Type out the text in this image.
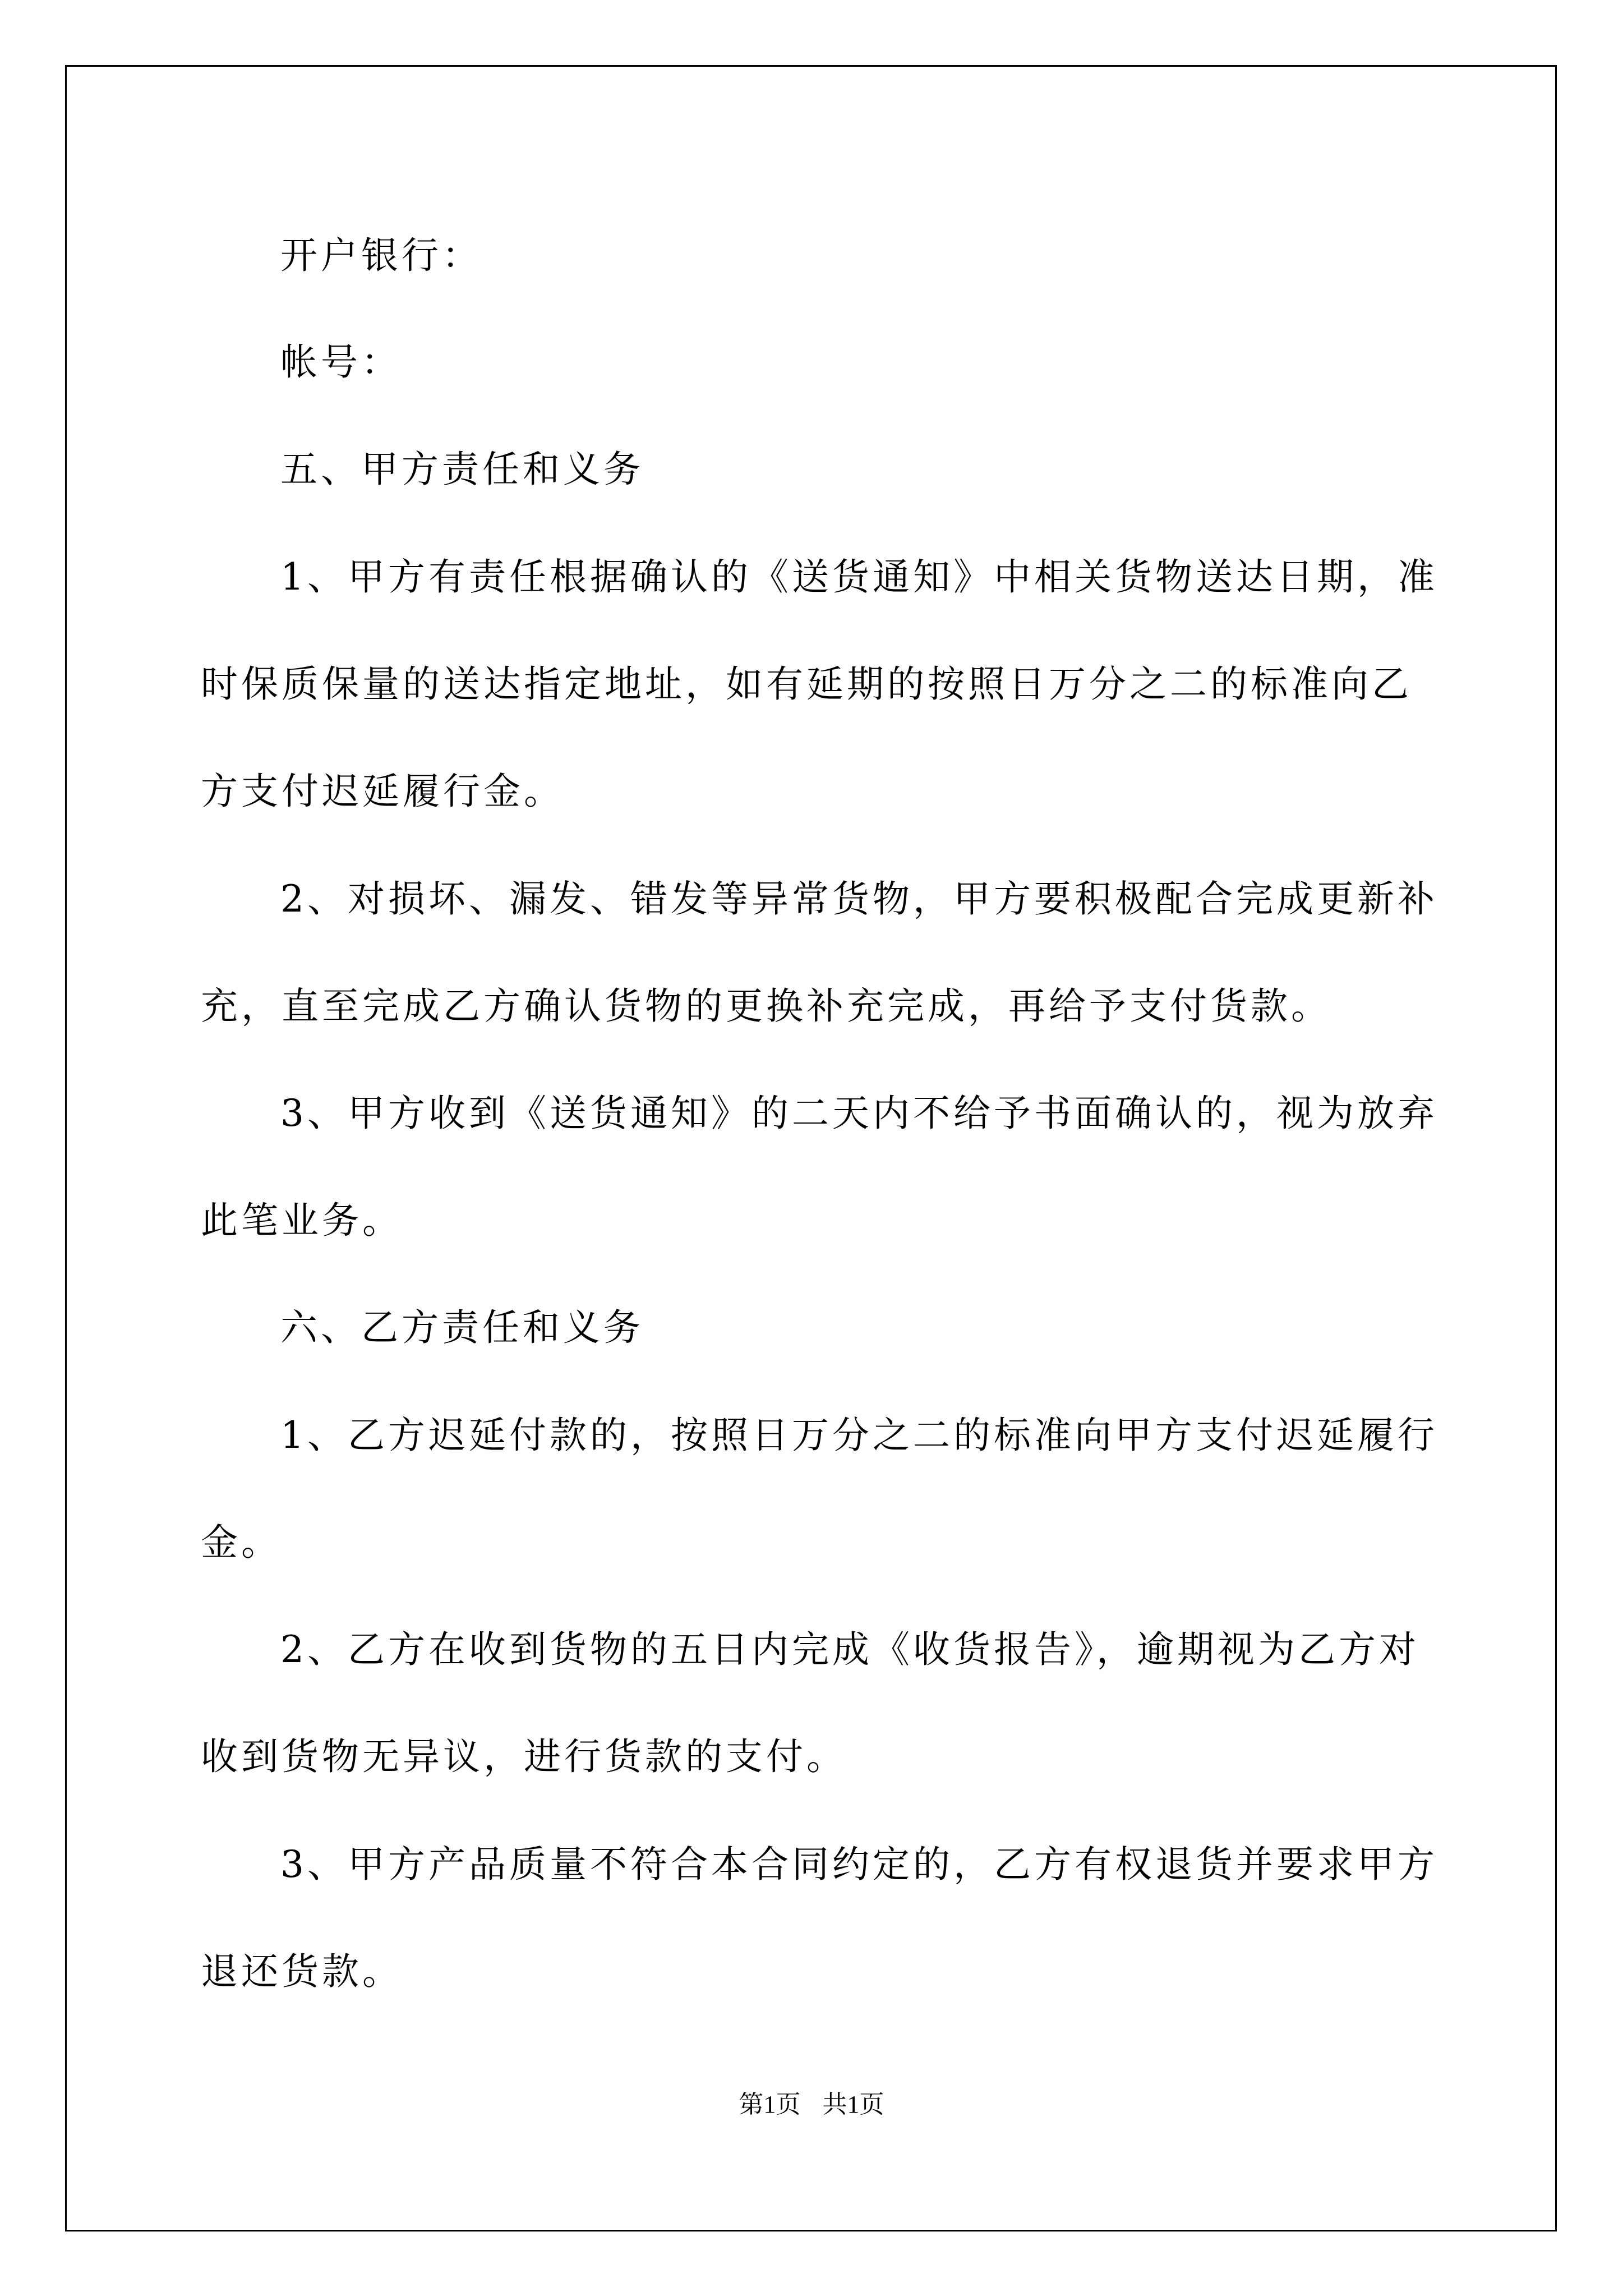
开户银行：
帐号：
五、甲方责任和义务
1、甲方有责任根据确认的《送货通知》中相关货物送达日期，准
时保质保量的送达指定地址，如有延期的按照日万分之二的标准向乙
方支付迟延履行金。
2、对损坏、漏发、错发等异常货物，甲方要积极配合完成更新补
充，直至完成乙方确认货物的更换补充完成，再给予支付货款。
3、甲方收到《送货通知》的二天内不给予书面确认的，视为放弃
此笔业务。
六、乙方责任和义务
1、乙方迟延付款的，按照日万分之二的标准向甲方支付迟延履行
金。
2、乙方在收到货物的五日内完成《收货报告》，逾期视为乙方对
收到货物无异议，进行货款的支付。
3、甲方产品质量不符合本合同约定的，乙方有权退货并要求甲方
退还货款。
第1页 共1页
